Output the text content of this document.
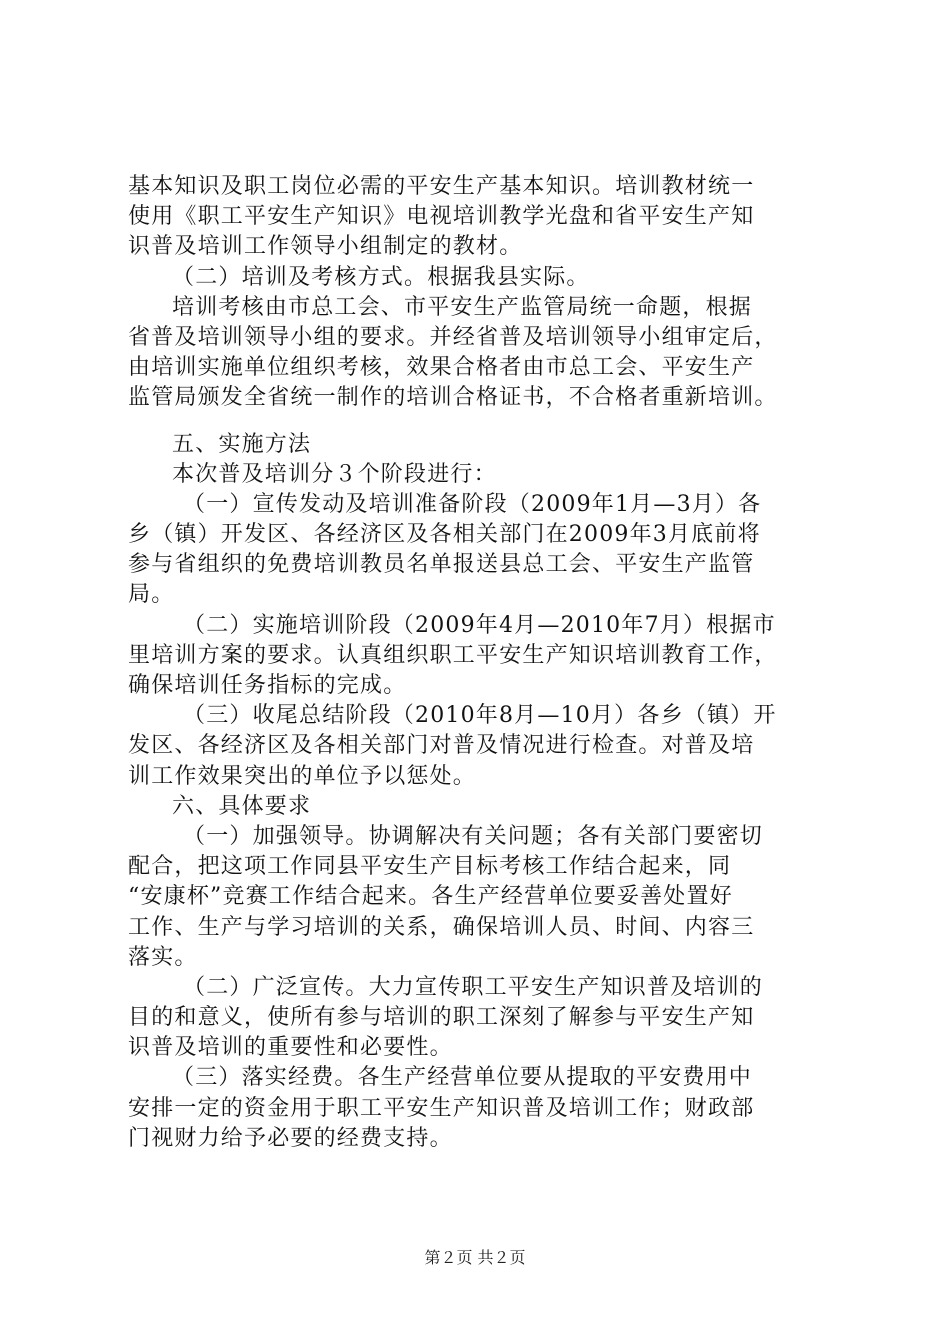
基本知识及职工岗位必需的平安生产基本知识。培训教材统一
使用《职工平安生产知识》电视培训教学光盘和省平安生产知
识普及培训工作领导小组制定的教材。
（二）培训及考核方式。根据我县实际。
培训考核由市总工会、市平安生产监管局统一命题，根据
省普及培训领导小组的要求。并经省普及培训领导小组审定后，
由培训实施单位组织考核，效果合格者由市总工会、平安生产
监管局颁发全省统一制作的培训合格证书，不合格者重新培训。
五、实施方法
本次普及培训分３个阶段进行：
（一）宣传发动及培训准备阶段（2009年1月—3月）各
乡（镇）开发区、各经济区及各相关部门在2009年3月底前将
参与省组织的免费培训教员名单报送县总工会、平安生产监管
局。
（二）实施培训阶段（2009年4月—2010年7月）根据市
里培训方案的要求。认真组织职工平安生产知识培训教育工作，
确保培训任务指标的完成。
（三）收尾总结阶段（2010年8月—10月）各乡（镇）开
发区、各经济区及各相关部门对普及情况进行检查。对普及培
训工作效果突出的单位予以惩处。
六、具体要求
（一）加强领导。协调解决有关问题；各有关部门要密切
配合，把这项工作同县平安生产目标考核工作结合起来，同
“安康杯”竞赛工作结合起来。各生产经营单位要妥善处置好
工作、生产与学习培训的关系，确保培训人员、时间、内容三
落实。
（二）广泛宣传。大力宣传职工平安生产知识普及培训的
目的和意义，使所有参与培训的职工深刻了解参与平安生产知
识普及培训的重要性和必要性。
（三）落实经费。各生产经营单位要从提取的平安费用中
安排一定的资金用于职工平安生产知识普及培训工作；财政部
门视财力给予必要的经费支持。
第２页 共２页
